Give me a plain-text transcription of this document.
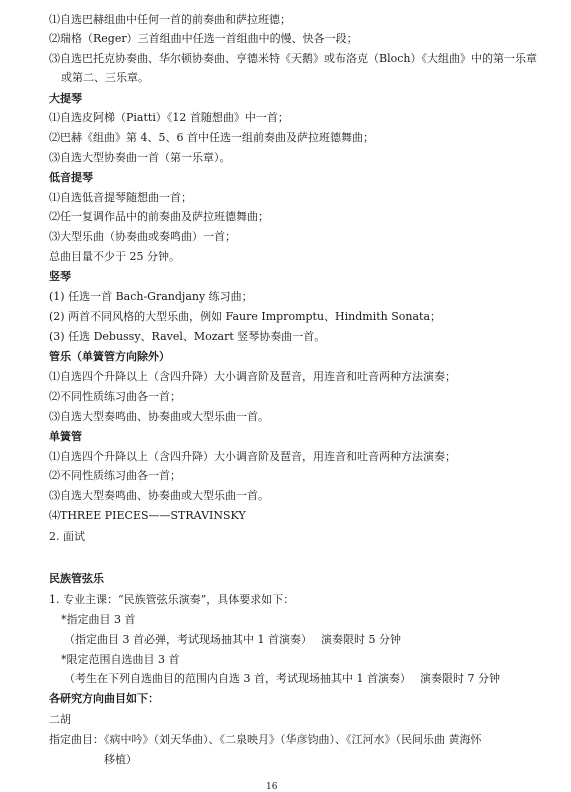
⑴自选巴赫组曲中任何一首的前奏曲和萨拉班德；
⑵瑞格（Reger）三首组曲中任选一首组曲中的慢、快各一段；
⑶自选巴托克协奏曲、华尔顿协奏曲、亨德米特《天鹅》或布洛克（Bloch）《大组曲》中的第一乐章
或第二、三乐章。
大提琴
⑴自选皮阿梯（Piatti）《12 首随想曲》中一首；
⑵巴赫《组曲》第 4、5、6 首中任选一组前奏曲及萨拉班德舞曲；
⑶自选大型协奏曲一首（第一乐章）。
低音提琴
⑴自选低音提琴随想曲一首；
⑵任一复调作品中的前奏曲及萨拉班德舞曲；
⑶大型乐曲（协奏曲或奏鸣曲）一首；
总曲目量不少于 25 分钟。
竖琴
(1) 任选一首 Bach-Grandjany 练习曲；
(2) 两首不同风格的大型乐曲，例如 Faure Impromptu、Hindmith Sonata；
(3) 任选 Debussy、Ravel、Mozart 竖琴协奏曲一首。
管乐（单簧管方向除外）
⑴自选四个升降以上（含四升降）大小调音阶及琶音，用连音和吐音两种方法演奏；
⑵不同性质练习曲各一首；
⑶自选大型奏鸣曲、协奏曲或大型乐曲一首。
单簧管
⑴自选四个升降以上（含四升降）大小调音阶及琶音，用连音和吐音两种方法演奏；
⑵不同性质练习曲各一首；
⑶自选大型奏鸣曲、协奏曲或大型乐曲一首。
⑷THREE PIECES——STRAVINSKY
2. 面试
民族管弦乐
1. 专业主课：“民族管弦乐演奏”，具体要求如下：
*指定曲目 3 首
（指定曲目 3 首必弹，考试现场抽其中 1 首演奏）　 演奏限时 5 分钟
*限定范围自选曲目 3 首
（考生在下列自选曲目的范围内自选 3 首，考试现场抽其中 1 首演奏）　 演奏限时 7 分钟
各研究方向曲目如下：
二胡
指定曲目：《病中吟》（刘天华曲）、《二泉映月》（华彦钧曲）、《江河水》（民间乐曲 黄海怀
移植）
16
